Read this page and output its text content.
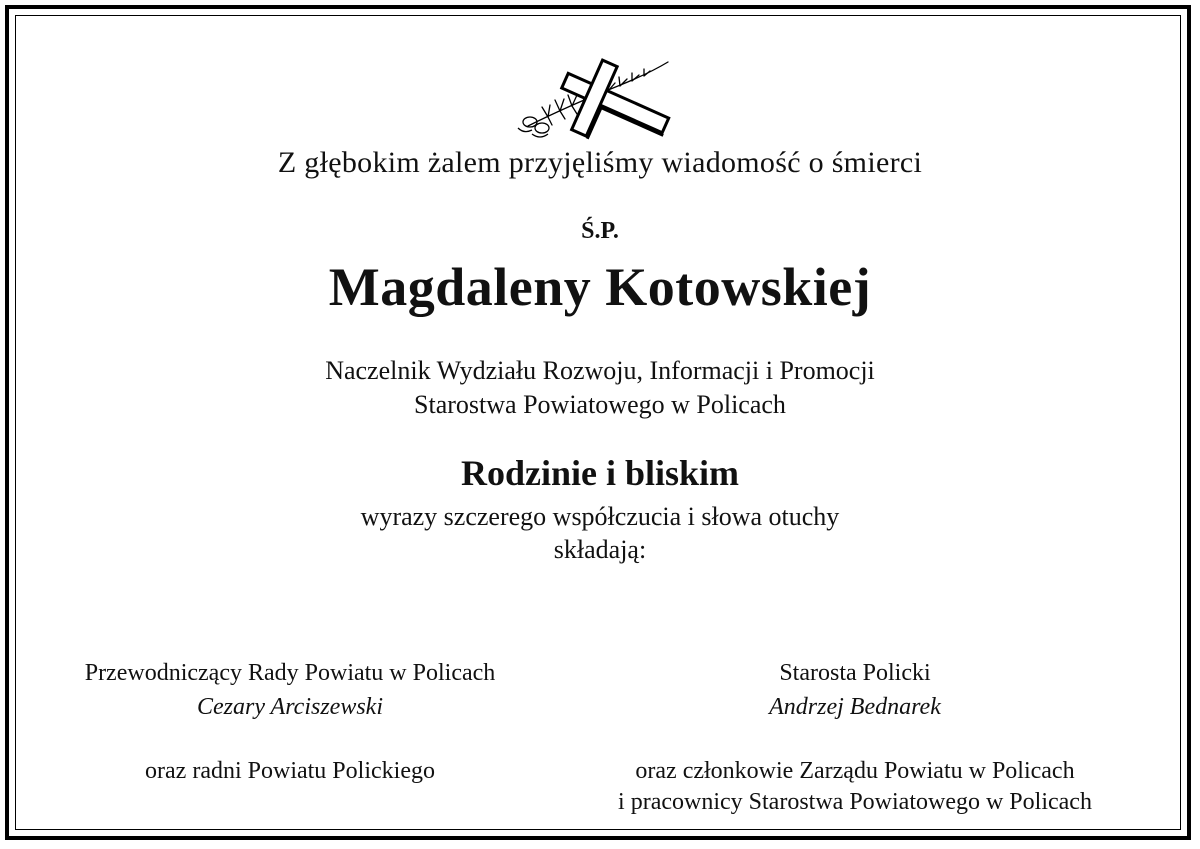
Z głębokim żalem przyjęliśmy wiadomość o śmierci
Ś.P.
Magdaleny Kotowskiej
Naczelnik Wydziału Rozwoju, Informacji i Promocji
Starostwa Powiatowego w Policach
Rodzinie i bliskim
wyrazy szczerego współczucia i słowa otuchy
składają:
Przewodniczący Rady Powiatu w Policach
Cezary Arciszewski
oraz radni Powiatu Polickiego
Starosta Policki
Andrzej Bednarek
oraz członkowie Zarządu Powiatu w Policach
i pracownicy Starostwa Powiatowego w Policach
